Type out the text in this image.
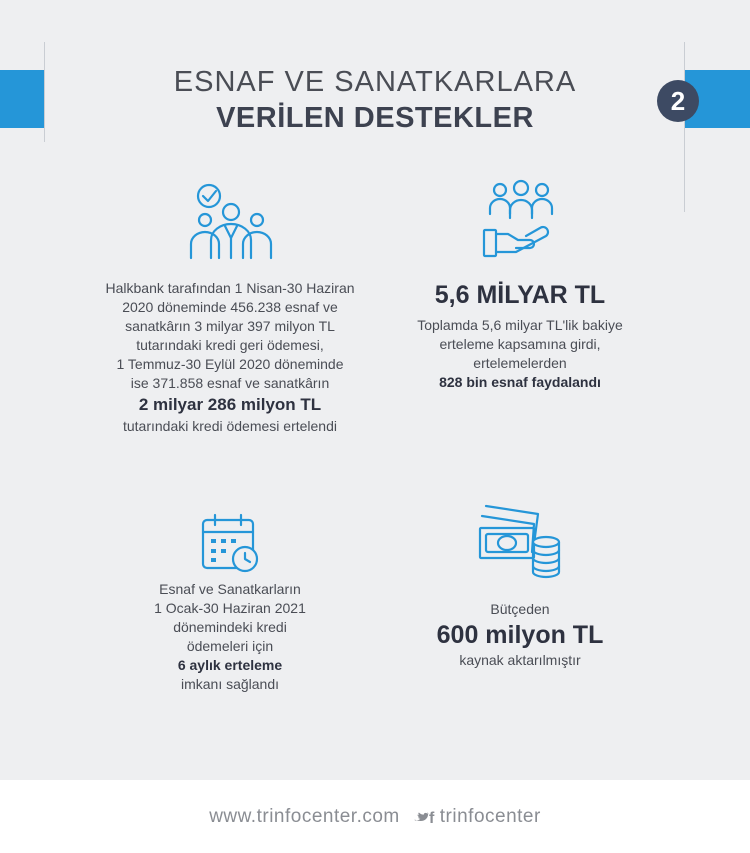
2
ESNAF VE SANATKARLARA
VERİLEN DESTEKLER
Halkbank tarafından 1 Nisan-30 Haziran
2020 döneminde 456.238 esnaf ve
sanatkârın 3 milyar 397 milyon TL
tutarındaki kredi geri ödemesi,
1 Temmuz-30 Eylül 2020 döneminde
ise 371.858 esnaf ve sanatkârın
2 milyar 286 milyon TL
tutarındaki kredi ödemesi ertelendi
5,6 MİLYAR TL
Toplamda 5,6 milyar TL'lik bakiye
erteleme kapsamına girdi,
ertelemelerden
828 bin esnaf faydalandı
Esnaf ve Sanatkarların
1 Ocak-30 Haziran 2021
dönemindeki kredi
ödemeleri için
6 aylık erteleme
imkanı sağlandı
Bütçeden
600 milyon TL
kaynak aktarılmıştır
www.trinfocenter.com f trinfocenter
